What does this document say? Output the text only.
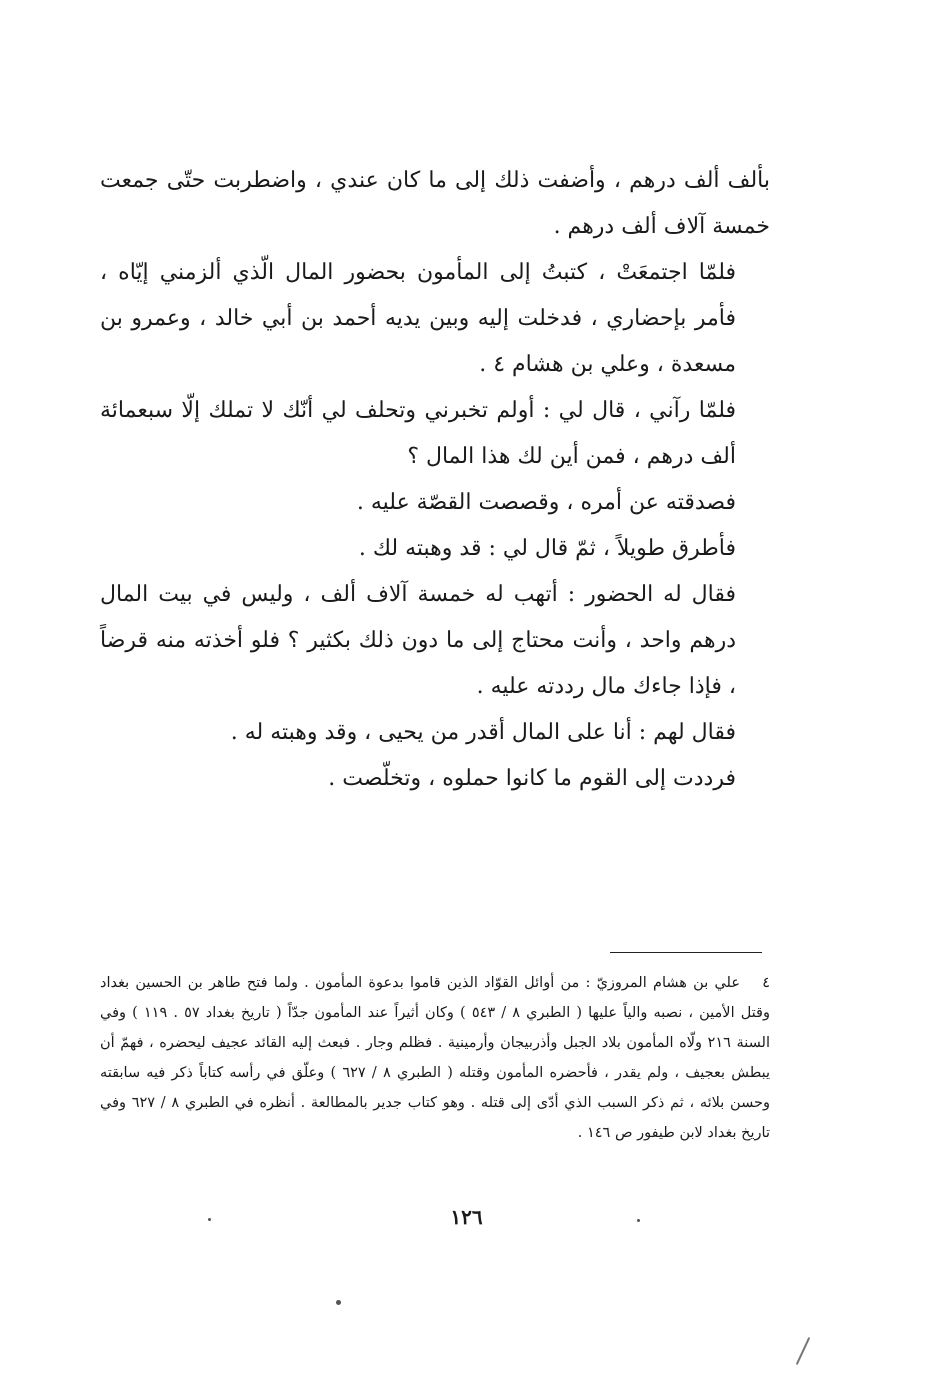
بألف ألف درهم ، وأضفت ذلك إلى ما كان عندي ، واضطربت حتّى جمعت خمسة آلاف ألف درهم .

فلمّا اجتمعَتْ ، كتبتُ إلى المأمون بحضور المال الّذي ألزمني إيّاه ، فأمر بإحضاري ، فدخلت إليه وبين يديه أحمد بن أبي خالد ، وعمرو بن مسعدة ، وعلي بن هشام ٤ .

فلمّا رآني ، قال لي : أولم تخبرني وتحلف لي أنّك لا تملك إلّا سبعمائة ألف درهم ، فمن أين لك هذا المال ؟

فصدقته عن أمره ، وقصصت القصّة عليه .

فأطرق طويلاً ، ثمّ قال لي : قد وهبته لك .

فقال له الحضور : أتهب له خمسة آلاف ألف ، وليس في بيت المال درهم واحد ، وأنت محتاج إلى ما دون ذلك بكثير ؟ فلو أخذته منه قرضاً ، فإذا جاءك مال رددته عليه .

فقال لهم : أنا على المال أقدر من يحيى ، وقد وهبته له .

فرددت إلى القوم ما كانوا حملوه ، وتخلّصت .

٤علي بن هشام المروزيّ : من أوائل القوّاد الذين قاموا بدعوة المأمون . ولما فتح طاهر بن الحسين بغداد وقتل الأمين ، نصبه والياً عليها ( الطبري ٨ / ٥٤٣ ) وكان أثيراً عند المأمون جدّاً ( تاريخ بغداد ٥٧ . ١١٩ ) وفي السنة ٢١٦ ولّاه المأمون بلاد الجبل وأذربيجان وأرمينية . فظلم وجار . فبعث إليه القائد عجيف ليحضره ، فهمّ أن يبطش بعجيف ، ولم يقدر ، فأحضره المأمون وقتله ( الطبري ٨ / ٦٢٧ ) وعلّق في رأسه كتاباً ذكر فيه سابقته وحسن بلائه ، ثم ذكر السبب الذي أدّى إلى قتله . وهو كتاب جدير بالمطالعة . أنظره في الطبري ٨ / ٦٢٧ وفي تاريخ بغداد لابن طيفور ص ١٤٦ .
١٢٦
